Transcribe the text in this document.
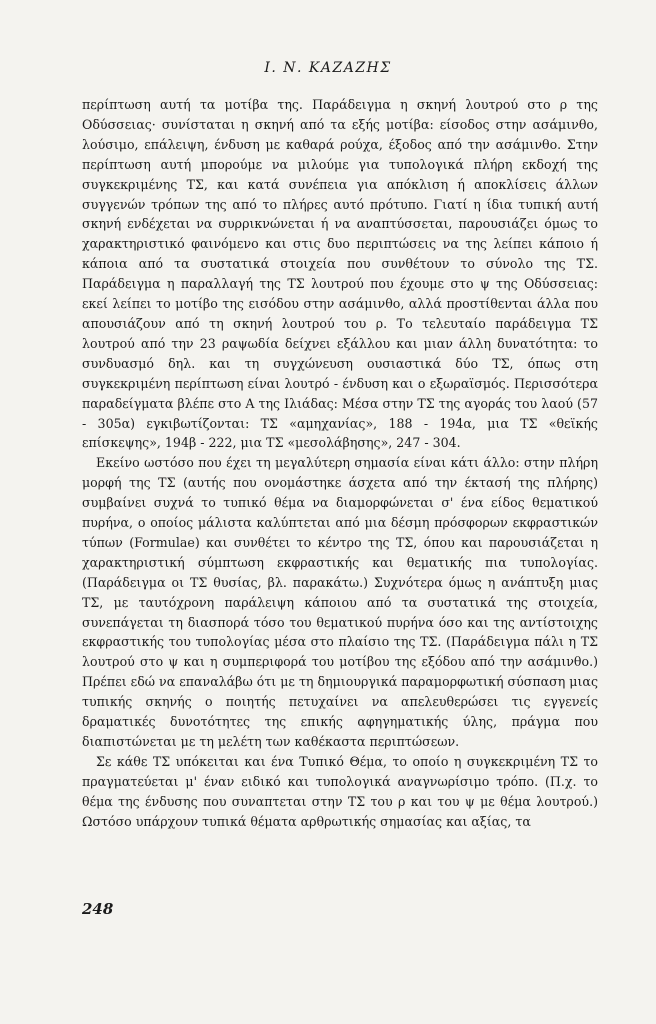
Ι. Ν. ΚΑΖΑΖΗΣ

περίπτωση αυτή τα μοτίβα της. Παράδειγμα η σκηνή λουτρού στο ρ της Οδύσσειας· συνίσταται η σκηνή από τα εξής μοτίβα: είσοδος στην ασάμινθο, λούσιμο, επάλειψη, ένδυση με καθαρά ρούχα, έξοδος από την ασάμινθο. Στην περίπτωση αυτή μπορούμε να μιλούμε για τυπολογικά πλήρη εκδοχή της συγκεκριμένης ΤΣ, και κατά συνέπεια για απόκλιση ή αποκλίσεις άλλων συγγενών τρόπων της από το πλήρες αυτό πρότυπο. Γιατί η ίδια τυπική αυτή σκηνή ενδέχεται να συρρικνώνεται ή να αναπτύσσεται, παρουσιάζει όμως το χαρακτηριστικό φαινόμενο και στις δυο περιπτώσεις να της λείπει κάποιο ή κάποια από τα συστατικά στοιχεία που συνθέτουν το σύνολο της ΤΣ. Παράδειγμα η παραλλαγή της ΤΣ λουτρού που έχουμε στο ψ της Οδύσσειας: εκεί λείπει το μοτίβο της εισόδου στην ασάμινθο, αλλά προστίθενται άλλα που απουσιάζουν από τη σκηνή λουτρού του ρ. Το τελευταίο παράδειγμα ΤΣ λουτρού από την 23 ραψωδία δείχνει εξάλλου και μιαν άλλη δυνατότητα: το συνδυασμό δηλ. και τη συγχώνευση ουσιαστικά δύο ΤΣ, όπως στη συγκεκριμένη περίπτωση είναι λουτρό - ένδυση και ο εξωραϊσμός. Περισσότερα παραδείγματα βλέπε στο Α της Ιλιάδας: Μέσα στην ΤΣ της αγοράς του λαού (57 - 305α) εγκιβωτίζονται: ΤΣ «αμηχανίας», 188 - 194α, μια ΤΣ «θεϊκής επίσκεψης», 194β - 222, μια ΤΣ «μεσολάβησης», 247 - 304.

Εκείνο ωστόσο που έχει τη μεγαλύτερη σημασία είναι κάτι άλλο: στην πλήρη μορφή της ΤΣ (αυτής που ονομάστηκε άσχετα από την έκτασή της πλήρης) συμβαίνει συχνά το τυπικό θέμα να διαμορφώνεται σ' ένα είδος θεματικού πυρήνα, ο οποίος μάλιστα καλύπτεται από μια δέσμη πρόσφορων εκφραστικών τύπων (Formulae) και συνθέτει το κέντρο της ΤΣ, όπου και παρουσιάζεται η χαρακτηριστική σύμπτωση εκφραστικής και θεματικής πια τυπολογίας. (Παράδειγμα οι ΤΣ θυσίας, βλ. παρακάτω.) Συχνότερα όμως η ανάπτυξη μιας ΤΣ, με ταυτόχρονη παράλειψη κάποιου από τα συστατικά της στοιχεία, συνεπάγεται τη διασπορά τόσο του θεματικού πυρήνα όσο και της αντίστοιχης εκφραστικής του τυπολογίας μέσα στο πλαίσιο της ΤΣ. (Παράδειγμα πάλι η ΤΣ λουτρού στο ψ και η συμπεριφορά του μοτίβου της εξόδου από την ασάμινθο.) Πρέπει εδώ να επαναλάβω ότι με τη δημιουργικά παραμορφωτική σύσπαση μιας τυπικής σκηνής ο ποιητής πετυχαίνει να απελευθερώσει τις εγγενείς δραματικές δυνοτότητες της επικής αφηγηματικής ύλης, πράγμα που διαπιστώνεται με τη μελέτη των καθέκαστα περιπτώσεων.

Σε κάθε ΤΣ υπόκειται και ένα Τυπικό Θέμα, το οποίο η συγκεκριμένη ΤΣ το πραγματεύεται μ' έναν ειδικό και τυπολογικά αναγνωρίσιμο τρόπο. (Π.χ. το θέμα της ένδυσης που συναπτεται στην ΤΣ του ρ και του ψ με θέμα λουτρού.) Ωστόσο υπάρχουν τυπικά θέματα αρθρωτικής σημασίας και αξίας, τα

248
